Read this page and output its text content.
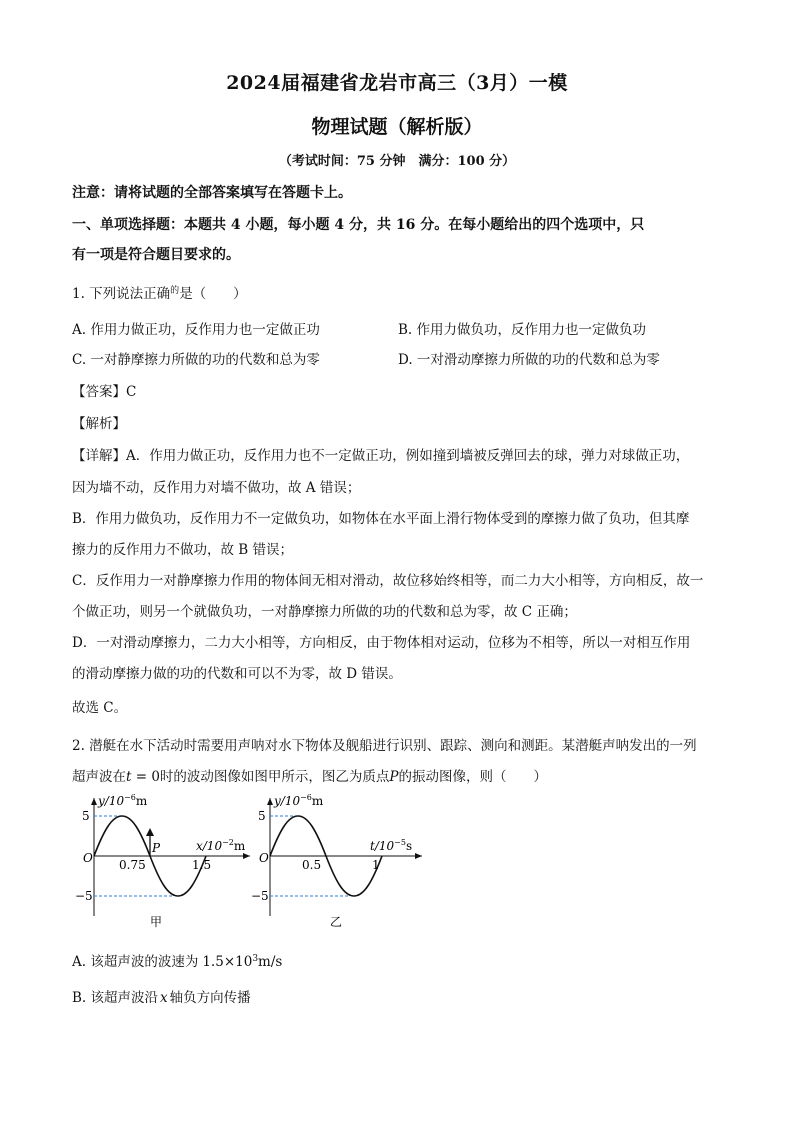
2024届福建省龙岩市高三（3月）一模
物理试题（解析版）
（考试时间：75 分钟　满分：100 分）
注意：请将试题的全部答案填写在答题卡上。
一、单项选择题：本题共 4 小题，每小题 4 分，共 16 分。在每小题给出的四个选项中，只
有一项是符合题目要求的。
1. 下列说法正确$^的$是（　　）
A. 作用力做正功，反作用力也一定做正功	B. 作用力做负功，反作用力也一定做负功
C. 一对静摩擦力所做的功的代数和总为零	D. 一对滑动摩擦力所做的功的代数和总为零
【答案】C
【解析】
【详解】A．作用力做正功，反作用力也不一定做正功，例如撞到墙被反弹回去的球，弹力对球做正功，
因为墙不动，反作用力对墙不做功，故 A 错误；
B．作用力做负功，反作用力不一定做负功，如物体在水平面上滑行物体受到的摩擦力做了负功，但其摩
擦力的反作用力不做功，故 B 错误；
C．反作用力一对静摩擦力作用的物体间无相对滑动，故位移始终相等，而二力大小相等，方向相反，故一
个做正功，则另一个就做负功，一对静摩擦力所做的功的代数和总为零，故 C 正确；
D．一对滑动摩擦力，二力大小相等，方向相反，由于物体相对运动，位移为不相等，所以一对相互作用
的滑动摩擦力做的功的代数和可以不为零，故 D 错误。
故选 C。
2. 潜艇在水下活动时需要用声呐对水下物体及舰船进行识别、跟踪、测向和测距。某潜艇声呐发出的一列
超声波在t = 0时的波动图像如图甲所示，图乙为质点P的振动图像，则（　　）
$y/10^{-6}m$
$x/10^{-2}m$
5
−5
O 0.75	1.5
P
甲
$y/10^{-6}m$
$t/10^{-5}s$
5
−5
O	0.5	1
乙
A. 该超声波的波速为 $1.5\times 10^3m/s$
B. 该超声波沿 x 轴负方向传播
